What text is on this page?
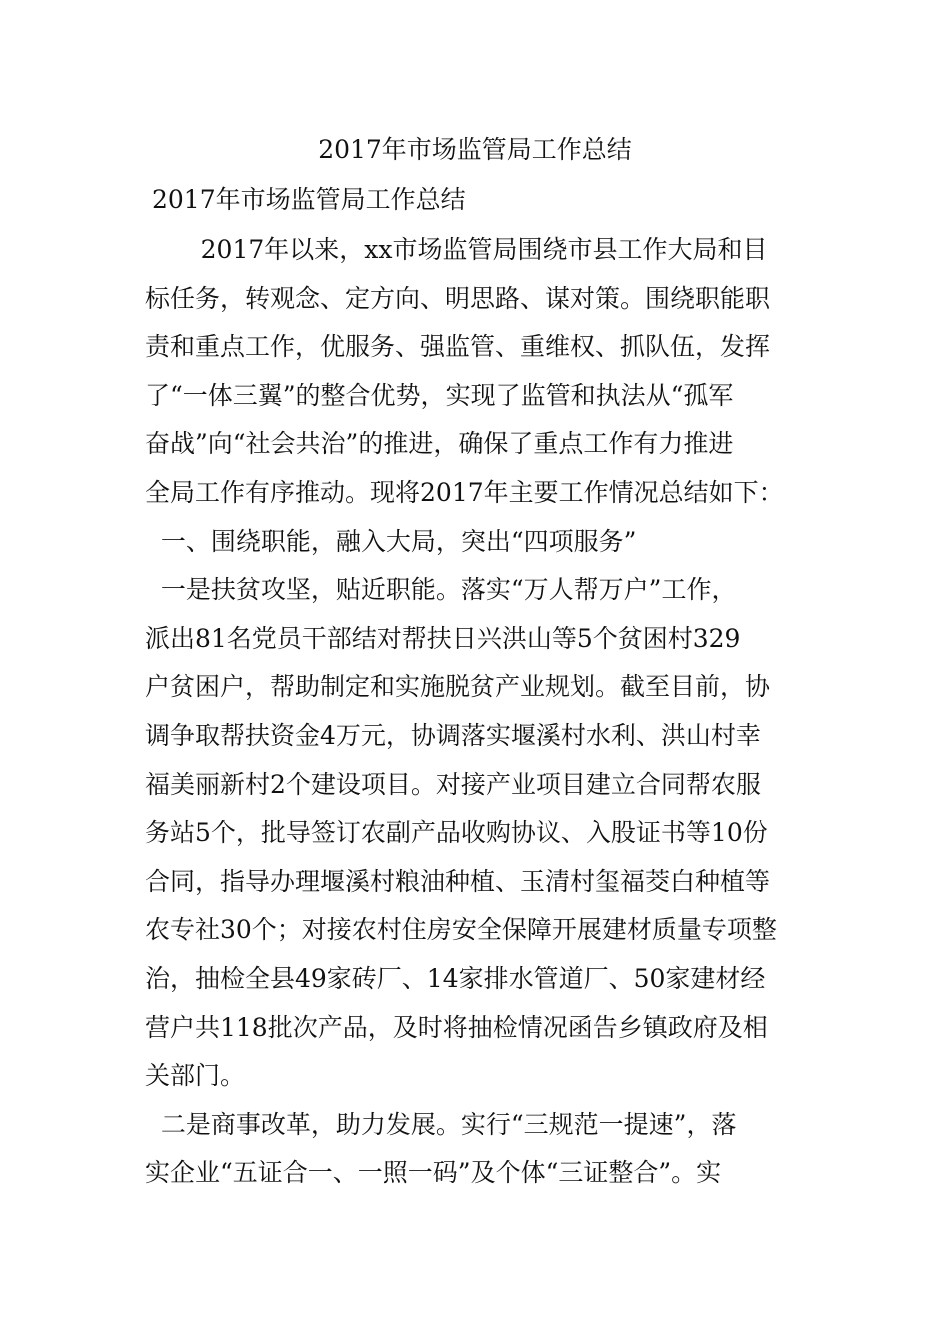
2017年市场监管局工作总结

2017年市场监管局工作总结

2017年以来，xx市场监管局围绕市县工作大局和目
标任务，转观念、定方向、明思路、谋对策。围绕职能职
责和重点工作，优服务、强监管、重维权、抓队伍，发挥
了“一体三翼”的整合优势，实现了监管和执法从“孤军
奋战”向“社会共治”的推进，确保了重点工作有力推进
全局工作有序推动。现将2017年主要工作情况总结如下：
一、围绕职能，融入大局，突出“四项服务”
一是扶贫攻坚，贴近职能。落实“万人帮万户”工作，
派出81名党员干部结对帮扶日兴洪山等5个贫困村329
户贫困户，帮助制定和实施脱贫产业规划。截至目前，协
调争取帮扶资金4万元，协调落实堰溪村水利、洪山村幸
福美丽新村2个建设项目。对接产业项目建立合同帮农服
务站5个，批导签订农副产品收购协议、入股证书等10份
合同，指导办理堰溪村粮油种植、玉清村玺福茭白种植等
农专社30个；对接农村住房安全保障开展建材质量专项整
治，抽检全县49家砖厂、14家排水管道厂、50家建材经
营户共118批次产品，及时将抽检情况函告乡镇政府及相
关部门。
二是商事改革，助力发展。实行“三规范一提速”，落
实企业“五证合一、一照一码”及个体“三证整合”。实
